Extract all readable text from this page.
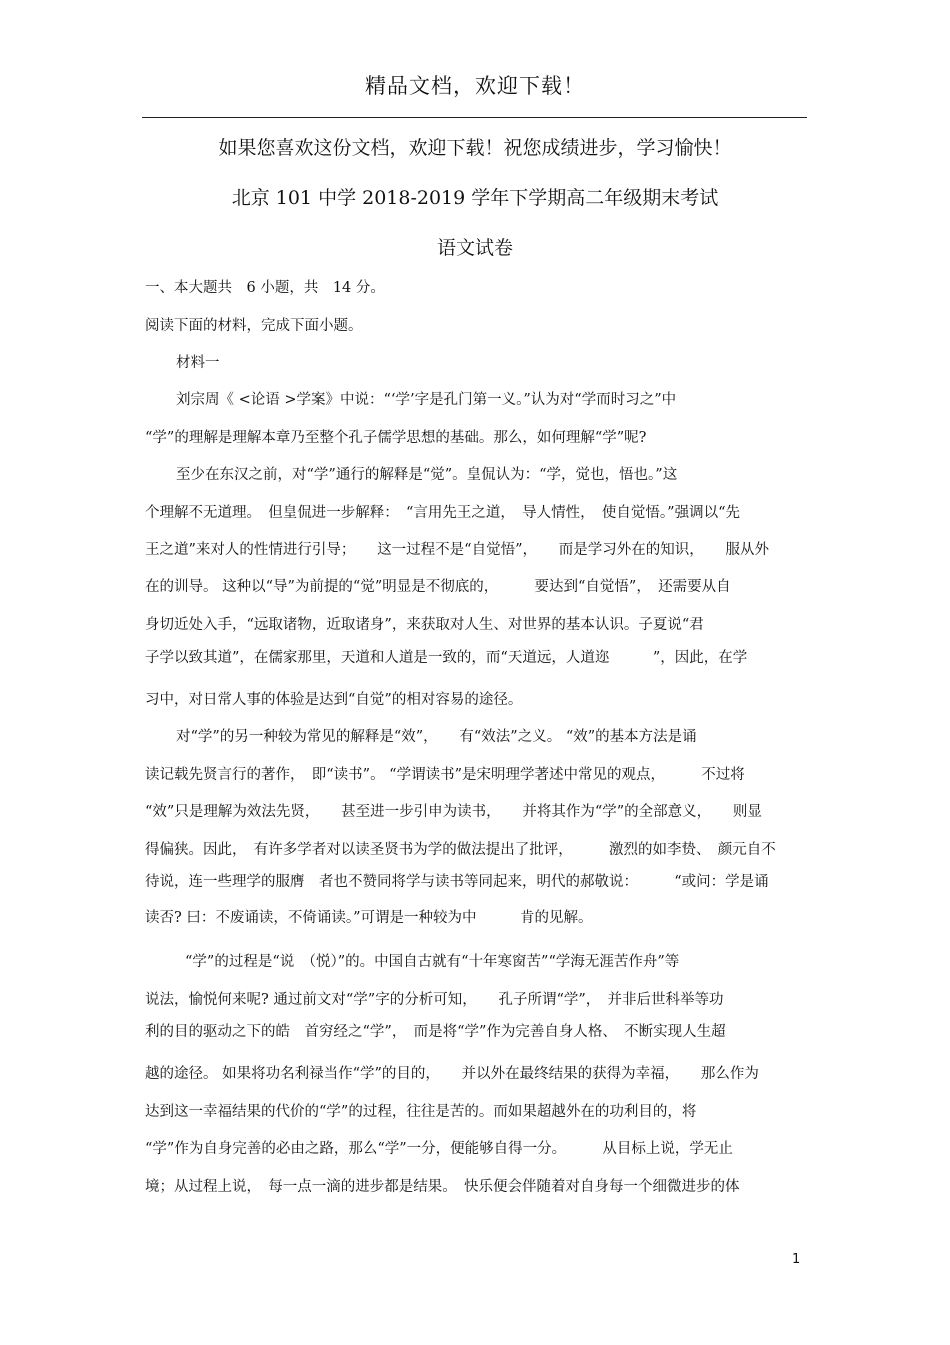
精品文档，欢迎下载！
如果您喜欢这份文档，欢迎下载！祝您成绩进步，学习愉快！
北京 101 中学 2018-2019 学年下学期高二年级期末考试
语文试卷

一、本大题共　6 小题，共　14 分。

阅读下面的材料，完成下面小题。

材料一

刘宗周《 <论语 >学案》中说：“‘学’字是孔门第一义。”认为对“学而时习之”中

“学”的理解是理解本章乃至整个孔子儒学思想的基础。那么，如何理解“学”呢?

至少在东汉之前，对“学”通行的解释是“觉”。皇侃认为：“学，觉也，悟也。”这

个理解不无道理。　但皇侃进一步解释：　“言用先王之道，　导人情性，　使自觉悟。”强调以“先

王之道”来对人的性情进行引导；　　这一过程不是“自觉悟”，　　而是学习外在的知识，　　服从外

在的训导。 这种以“导”为前提的“觉”明显是不彻底的，　　　要达到“自觉悟”，　还需要从自

身切近处入手，“远取诸物，近取诸身”，来获取对人生、对世界的基本认识。子夏说“君

子学以致其道”，在儒家那里，天道和人道是一致的，而“天道远，人道迩　　　”，因此，在学

习中，对日常人事的体验是达到“自觉”的相对容易的途径。

对“学”的另一种较为常见的解释是“效”，　　有“效法”之义。 “效”的基本方法是诵

读记载先贤言行的著作，　即“读书”。 “学谓读书”是宋明理学著述中常见的观点，　　　不过将

“效”只是理解为效法先贤，　　甚至进一步引申为读书，　　并将其作为“学”的全部意义，　　则显

得偏狭。因此，　有许多学者对以读圣贤书为学的做法提出了批评，　　　激烈的如李贽、　颜元自不

待说，连一些理学的服膺　者也不赞同将学与读书等同起来，明代的郝敬说：　　　“或问：学是诵

读否? 曰：不废诵读，不倚诵读。”可谓是一种较为中　　　肯的见解。

“学”的过程是“说　（悦）”的。中国自古就有“十年寒窗苦”“学海无涯苦作舟”等

说法，愉悦何来呢? 通过前文对“学”字的分析可知，　　孔子所谓“学”，　并非后世科举等功

利的目的驱动之下的皓　首穷经之“学”，　而是将“学”作为完善自身人格、　不断实现人生超

越的途径。 如果将功名利禄当作“学”的目的，　　并以外在最终结果的获得为幸福，　　那么作为

达到这一幸福结果的代价的“学”的过程，往往是苦的。而如果超越外在的功利目的，将

“学”作为自身完善的必由之路，那么“学”一分，便能够自得一分。　　　从目标上说，学无止

境；从过程上说，　每一点一滴的进步都是结果。　快乐便会伴随着对自身每一个细微进步的体

1
